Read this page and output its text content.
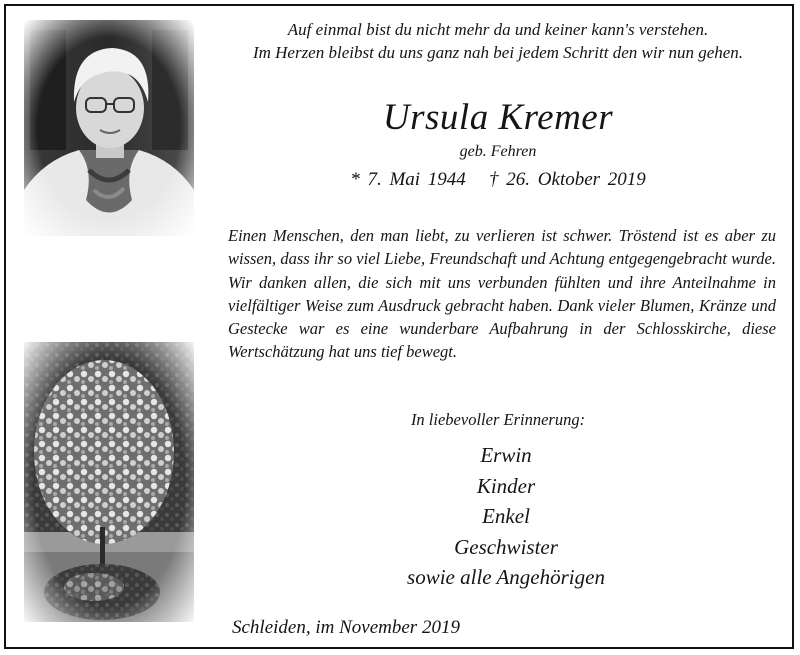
Auf einmal bist du nicht mehr da und keiner kann's verstehen.
Im Herzen bleibst du uns ganz nah bei jedem Schritt den wir nun gehen.
Ursula Kremer
geb. Fehren
* 7. Mai 1944   † 26. Oktober 2019
Einen Menschen, den man liebt, zu verlieren ist schwer. Tröstend ist es aber zu wissen, dass ihr so viel Liebe, Freundschaft und Achtung entgegengebracht wurde. Wir danken allen, die sich mit uns verbunden fühlten und ihre Anteilnahme in vielfältiger Weise zum Ausdruck gebracht haben. Dank vieler Blumen, Kränze und Gestecke war es eine wunderbare Aufbahrung in der Schlosskirche, diese Wertschätzung hat uns tief bewegt.
In liebevoller Erinnerung:
Erwin
Kinder
Enkel
Geschwister
sowie alle Angehörigen
Schleiden, im November 2019
